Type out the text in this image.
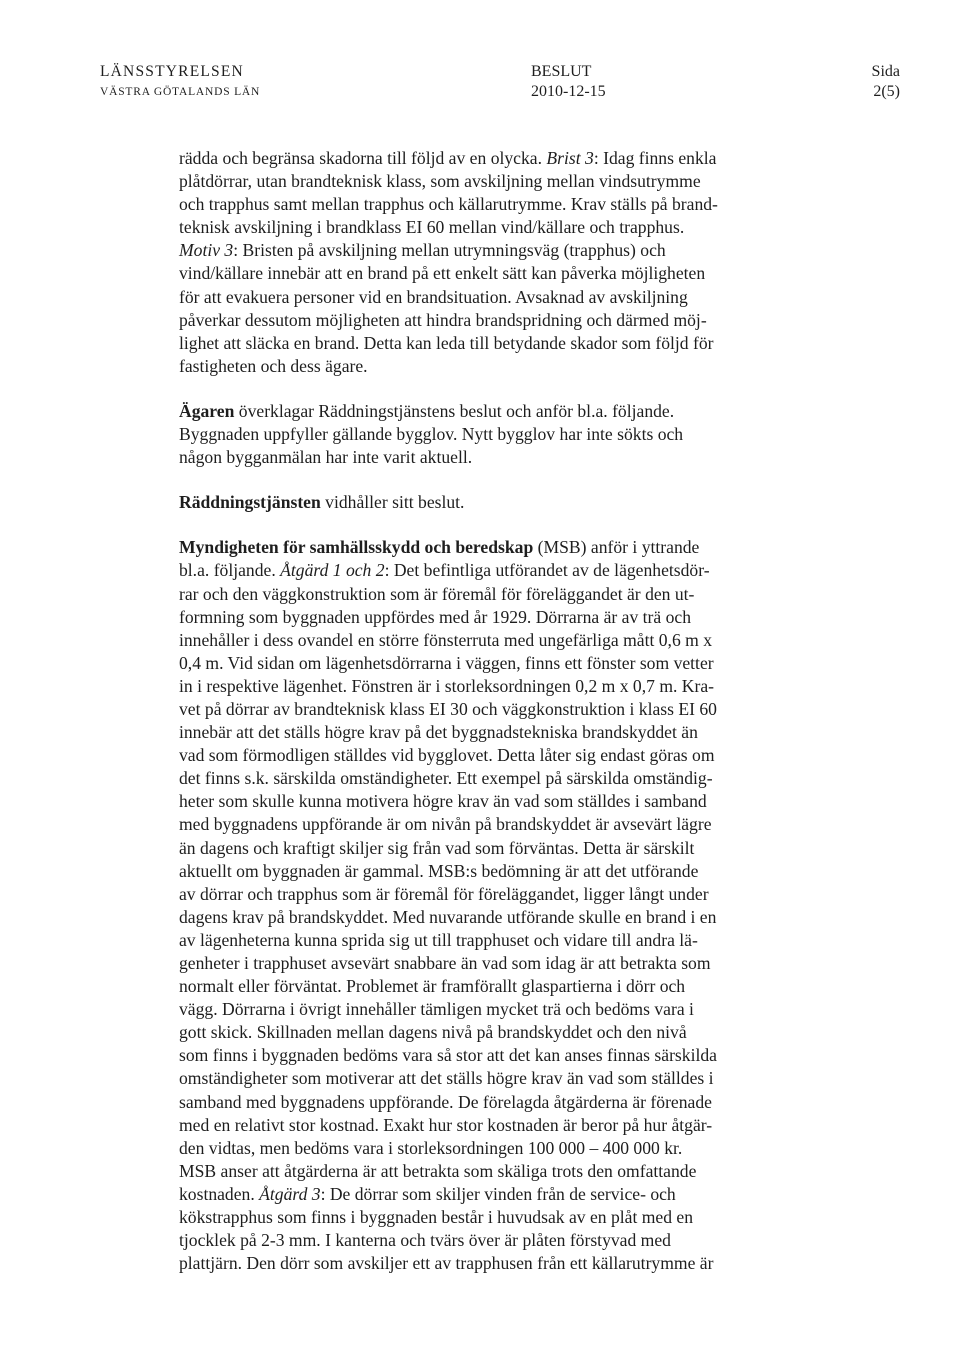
LÄNSSTYRELSEN
VÄSTRA GÖTALANDS LÄN
BESLUT
2010-12-15
Sida
2(5)
rädda och begränsa skadorna till följd av en olycka. Brist 3: Idag finns enkla
plåtdörrar, utan brandteknisk klass, som avskiljning mellan vindsutrymme
och trapphus samt mellan trapphus och källarutrymme. Krav ställs på brand-
teknisk avskiljning i brandklass EI 60 mellan vind/källare och trapphus.
Motiv 3: Bristen på avskiljning mellan utrymningsväg (trapphus) och
vind/källare innebär att en brand på ett enkelt sätt kan påverka möjligheten
för att evakuera personer vid en brandsituation. Avsaknad av avskiljning
påverkar dessutom möjligheten att hindra brandspridning och därmed möj-
lighet att släcka en brand. Detta kan leda till betydande skador som följd för
fastigheten och dess ägare.
Ägaren överklagar Räddningstjänstens beslut och anför bl.a. följande.
Byggnaden uppfyller gällande bygglov. Nytt bygglov har inte sökts och
någon bygganmälan har inte varit aktuell.
Räddningstjänsten vidhåller sitt beslut.
Myndigheten för samhällsskydd och beredskap (MSB) anför i yttrande
bl.a. följande. Åtgärd 1 och 2: Det befintliga utförandet av de lägenhetsdör-
rar och den väggkonstruktion som är föremål för föreläggandet är den ut-
formning som byggnaden uppfördes med år 1929. Dörrarna är av trä och
innehåller i dess ovandel en större fönsterruta med ungefärliga mått 0,6 m x
0,4 m. Vid sidan om lägenhetsdörrarna i väggen, finns ett fönster som vetter
in i respektive lägenhet. Fönstren är i storleksordningen 0,2 m x 0,7 m. Kra-
vet på dörrar av brandteknisk klass EI 30 och väggkonstruktion i klass EI 60
innebär att det ställs högre krav på det byggnadstekniska brandskyddet än
vad som förmodligen ställdes vid bygglovet. Detta låter sig endast göras om
det finns s.k. särskilda omständigheter. Ett exempel på särskilda omständig-
heter som skulle kunna motivera högre krav än vad som ställdes i samband
med byggnadens uppförande är om nivån på brandskyddet är avsevärt lägre
än dagens och kraftigt skiljer sig från vad som förväntas. Detta är särskilt
aktuellt om byggnaden är gammal. MSB:s bedömning är att det utförande
av dörrar och trapphus som är föremål för föreläggandet, ligger långt under
dagens krav på brandskyddet. Med nuvarande utförande skulle en brand i en
av lägenheterna kunna sprida sig ut till trapphuset och vidare till andra lä-
genheter i trapphuset avsevärt snabbare än vad som idag är att betrakta som
normalt eller förväntat. Problemet är framförallt glaspartierna i dörr och
vägg. Dörrarna i övrigt innehåller tämligen mycket trä och bedöms vara i
gott skick. Skillnaden mellan dagens nivå på brandskyddet och den nivå
som finns i byggnaden bedöms vara så stor att det kan anses finnas särskilda
omständigheter som motiverar att det ställs högre krav än vad som ställdes i
samband med byggnadens uppförande. De förelagda åtgärderna är förenade
med en relativt stor kostnad. Exakt hur stor kostnaden är beror på hur åtgär-
den vidtas, men bedöms vara i storleksordningen 100 000 – 400 000 kr.
MSB anser att åtgärderna är att betrakta som skäliga trots den omfattande
kostnaden. Åtgärd 3: De dörrar som skiljer vinden från de service- och
kökstrapphus som finns i byggnaden består i huvudsak av en plåt med en
tjocklek på 2-3 mm. I kanterna och tvärs över är plåten förstyvad med
plattjärn. Den dörr som avskiljer ett av trapphusen från ett källarutrymme är
